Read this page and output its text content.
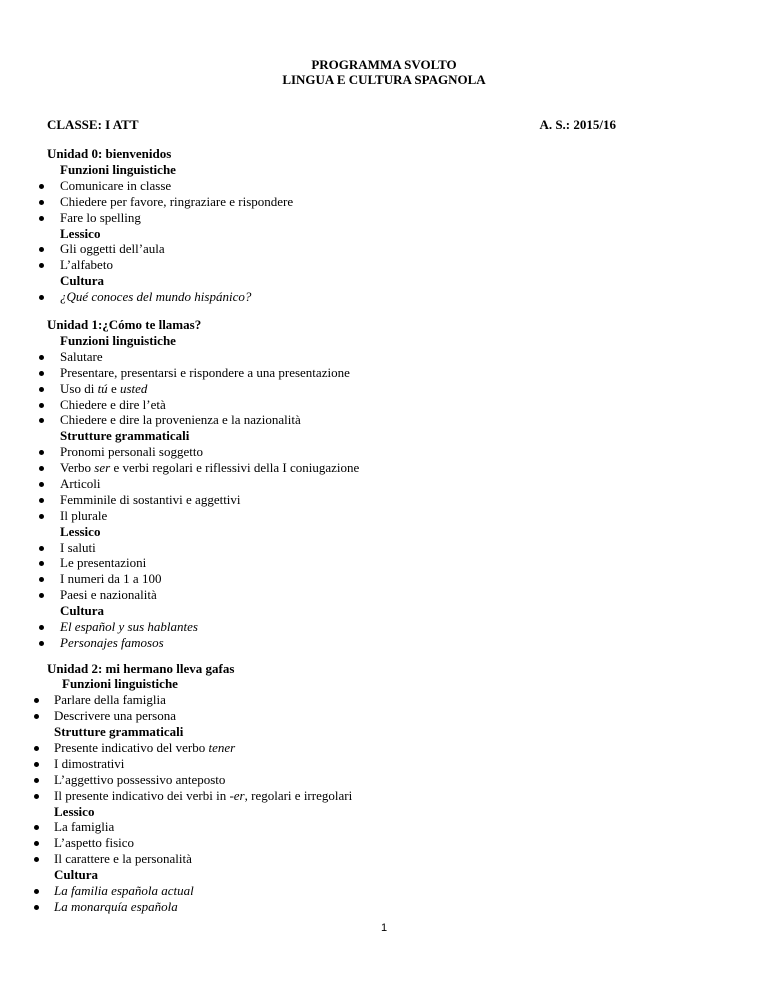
PROGRAMMA SVOLTO
LINGUA E CULTURA SPAGNOLA
CLASSE: I ATT	A. S.: 2015/16
Unidad 0: bienvenidos
Funzioni linguistiche
Comunicare in classe
Chiedere per favore, ringraziare e rispondere
Fare lo spelling
Lessico
Gli oggetti dell’aula
L’alfabeto
Cultura
¿Qué conoces del mundo hispánico?
Unidad 1:¿Cómo te llamas?
Funzioni linguistiche
Salutare
Presentare, presentarsi e rispondere a una presentazione
Uso di tú e usted
Chiedere e dire l’età
Chiedere e dire la provenienza e la nazionalità
Strutture grammaticali
Pronomi personali soggetto
Verbo ser e verbi regolari e riflessivi della I coniugazione
Articoli
Femminile di sostantivi e aggettivi
Il plurale
Lessico
I saluti
Le presentazioni
I numeri da 1 a 100
Paesi e nazionalità
Cultura
El español y sus hablantes
Personajes famosos
Unidad 2: mi hermano lleva gafas
Funzioni linguistiche
Parlare della famiglia
Descrivere una persona
Strutture grammaticali
Presente indicativo del verbo tener
I dimostrativi
L’aggettivo possessivo anteposto
Il presente indicativo dei verbi in -er, regolari e irregolari
Lessico
La famiglia
L’aspetto fisico
Il carattere e la personalità
Cultura
La familia española actual
La monarquía española
1
